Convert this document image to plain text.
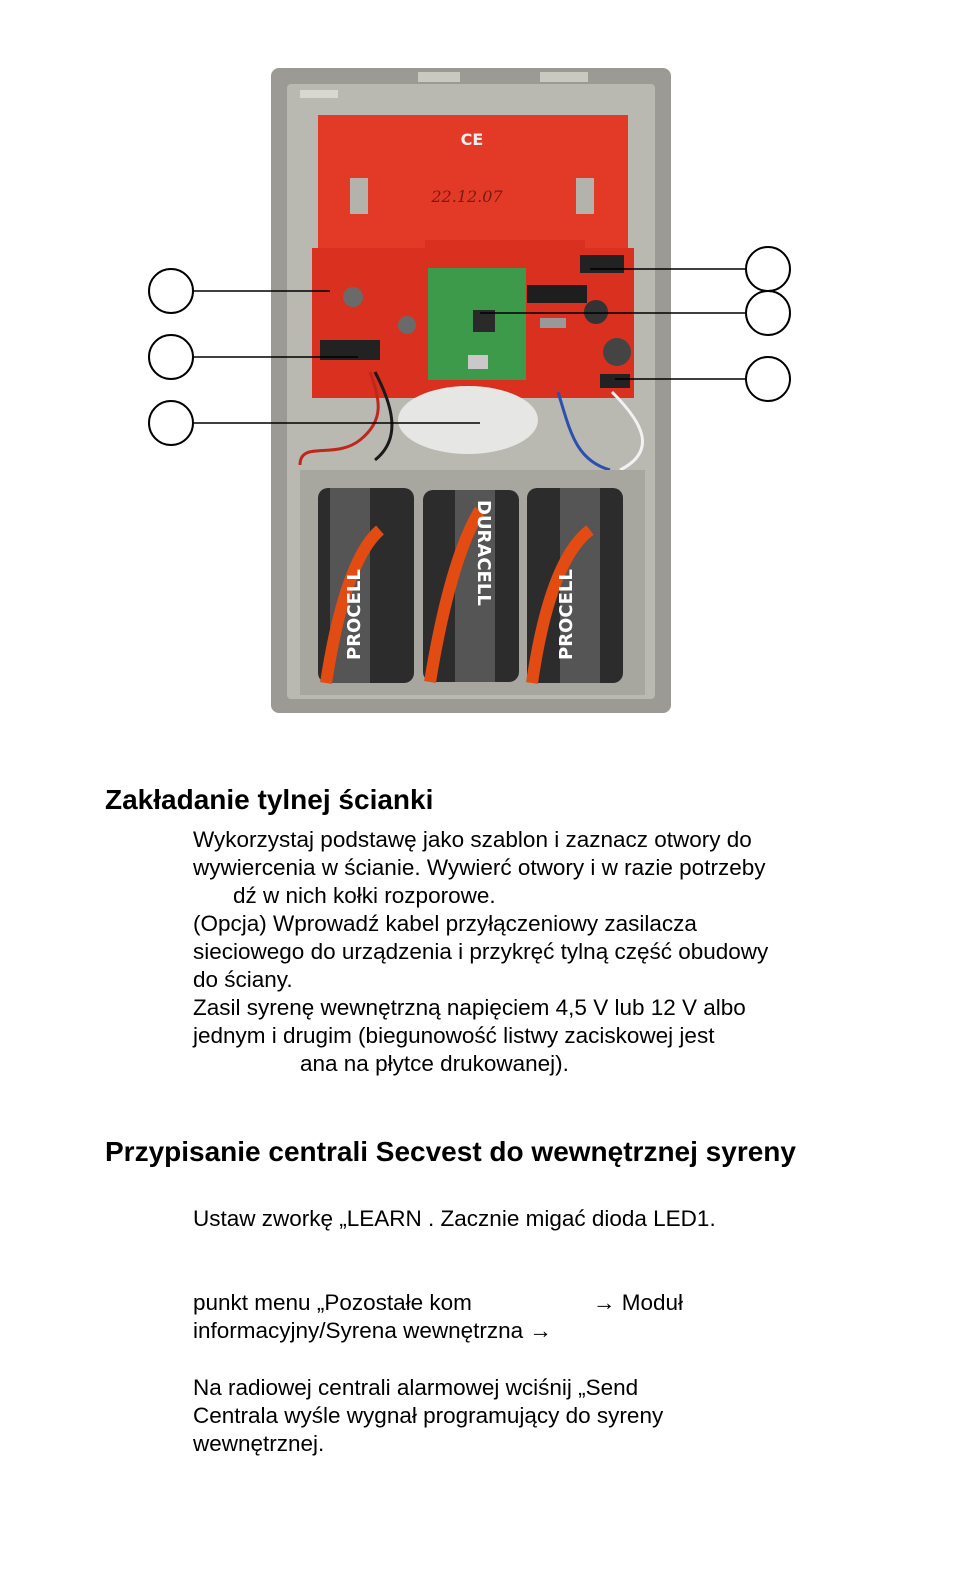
CE
22.12.07
PROCELL
DURACELL
PROCELL
Zakładanie tylnej ścianki
Wykorzystaj podstawę jako szablon i zaznacz otwory do
wywiercenia w ścianie. Wywierć otwory i w razie potrzeby
dź w nich kołki rozporowe.
(Opcja) Wprowadź kabel przyłączeniowy zasilacza
sieciowego do urządzenia i przykręć tylną część obudowy
do ściany.
Zasil syrenę wewnętrzną napięciem 4,5 V lub 12 V albo
jednym i drugim (biegunowość listwy zaciskowej jest
ana na płytce drukowanej).
Przypisanie centrali Secvest do wewnętrznej syreny
Ustaw zworkę „LEARN . Zacznie migać dioda LED1.
punkt menu „Pozostałe kom	→ Moduł
informacyjny/Syrena wewnętrzna →
Na radiowej centrali alarmowej wciśnij „Send
Centrala wyśle wygnał programujący do syreny
wewnętrznej.
